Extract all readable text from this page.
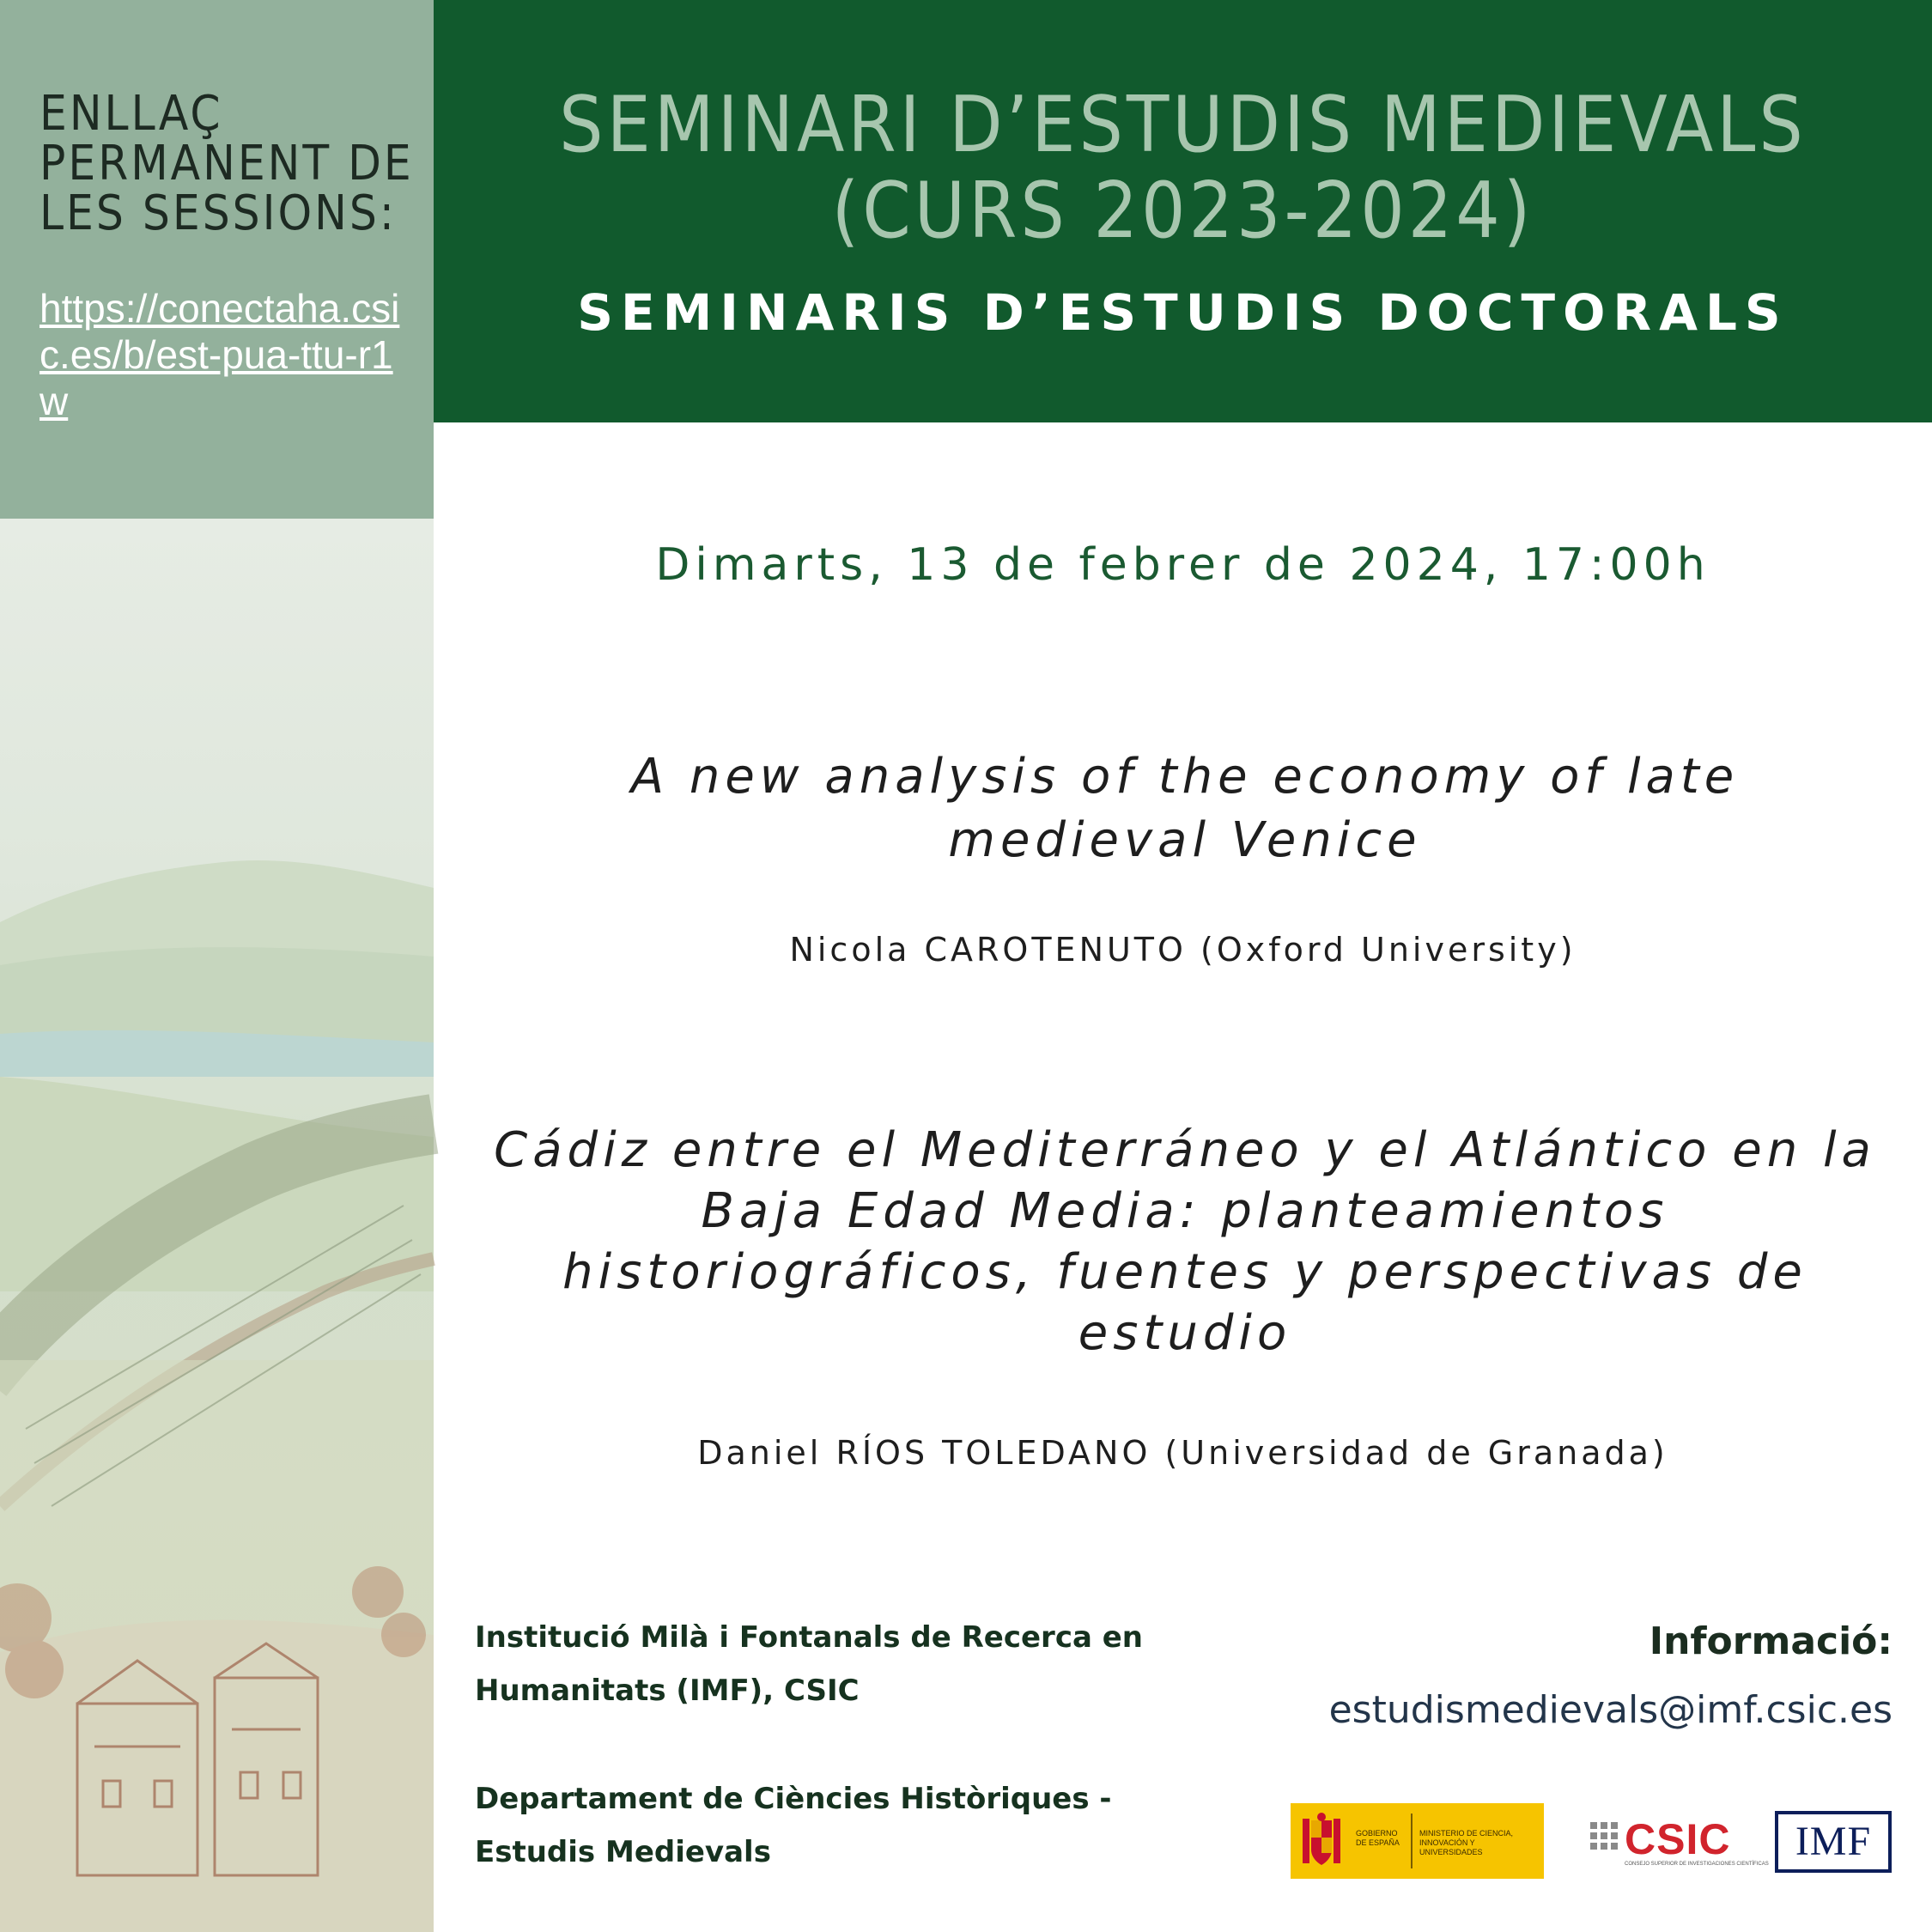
ENLLAÇ PERMANENT DE LES SESSIONS:
https://conectaha.csic.es/b/est-pua-ttu-r1w
SEMINARI D’ESTUDIS MEDIEVALS
(CURS 2023-2024)
SEMINARIS D’ESTUDIS DOCTORALS
Dimarts, 13 de febrer de 2024, 17:00h
A new analysis of the economy of late medieval Venice
Nicola CAROTENUTO (Oxford University)
Cádiz entre el Mediterráneo y el Atlántico en la Baja Edad Media: planteamientos historiográficos, fuentes y perspectivas de estudio
Daniel RÍOS TOLEDANO (Universidad de Granada)
Institució Milà i Fontanals de Recerca en Humanitats (IMF), CSIC
Departament de Ciències Històriques - Estudis Medievals
Informació:
estudismedievals@imf.csic.es
GOBIERNO DE ESPAÑA
MINISTERIO DE CIENCIA, INNOVACIÓN Y UNIVERSIDADES	CSIC
CONSEJO SUPERIOR DE INVESTIGACIONES CIENTÍFICAS IMF
